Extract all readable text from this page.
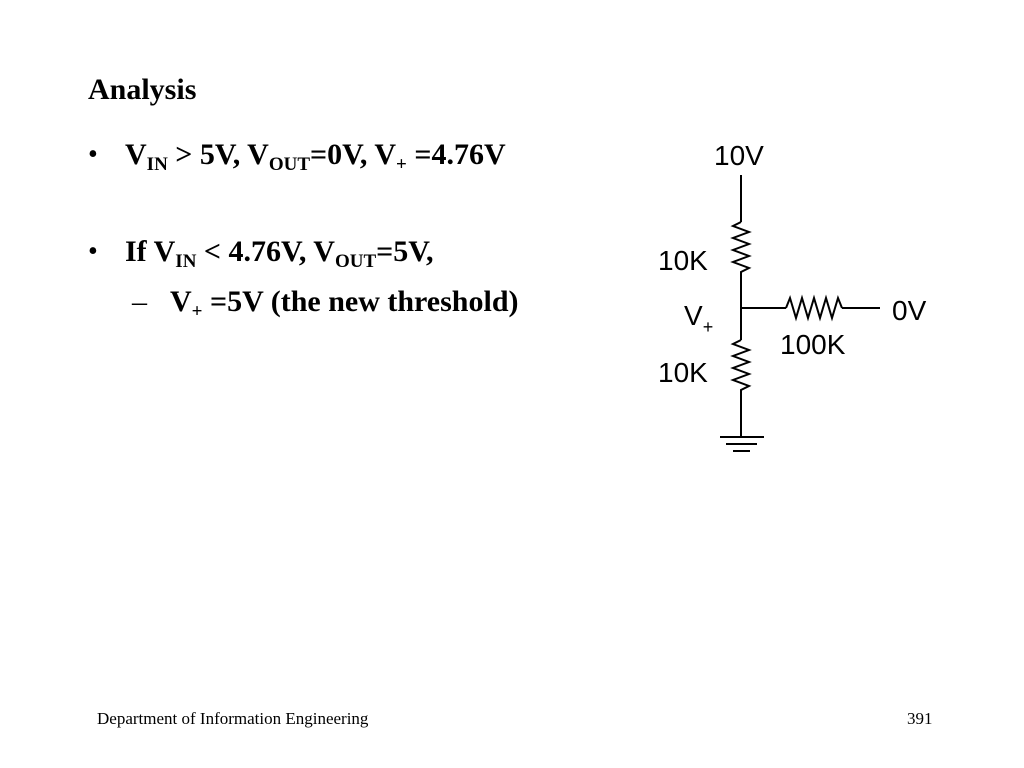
Analysis
• $V_{IN} > 5V$, $V_{OUT}=0V$, $V_+ =4.76V$
• If $V_{IN} < 4.76V$, $V_{OUT}=5V$,
– $V_+ =5V$ (the new threshold)
10V
10K
$V_+$
10K
100K
0V
Department of Information Engineering	391
